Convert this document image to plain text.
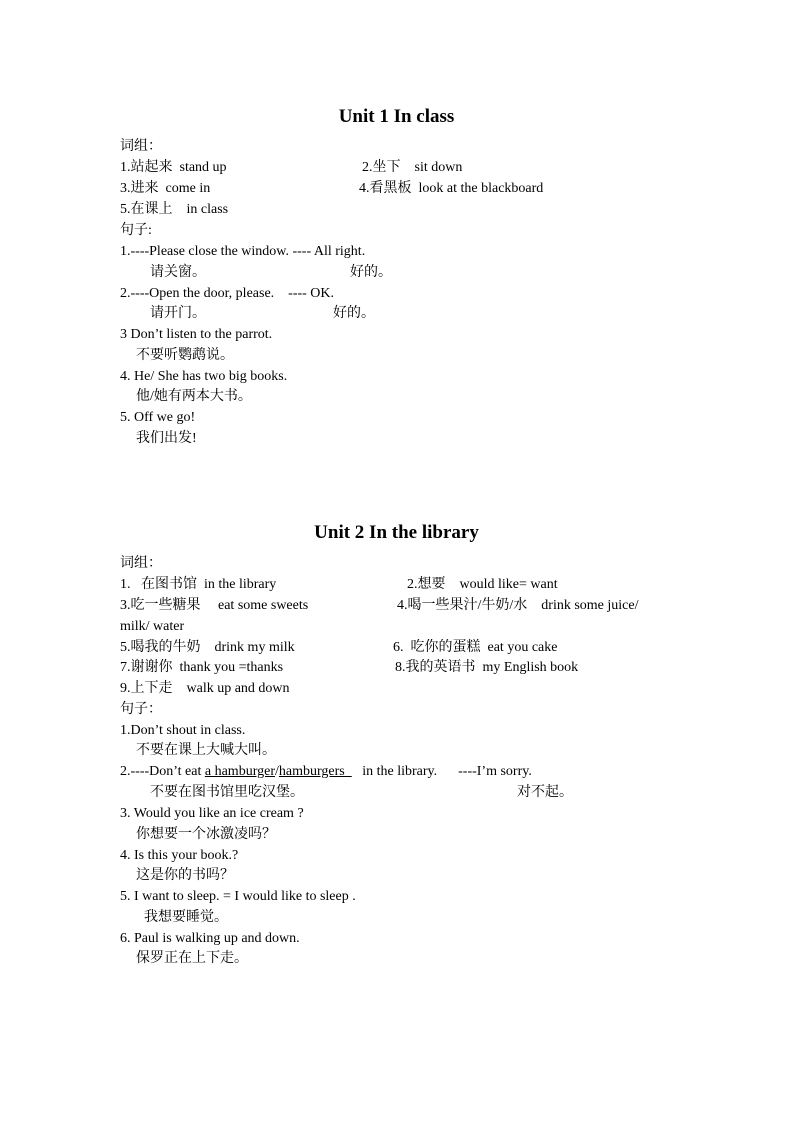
Unit 1 In class
词组：
1.站起来  stand up	2.坐下    sit down
3.进来  come in	4.看黑板  look at the blackboard
5.在课上    in class
句子:
1.----Please close the window. ---- All right.
请关窗。	好的。
2.----Open the door, please.    ---- OK.
请开门。	好的。
3 Don’t listen to the parrot.
不要听鹦鹉说。
4. He/ She has two big books.
他/她有两本大书。
5. Off we go!
我们出发!
Unit 2 In the library
词组：
1.   在图书馆  in the library	2.想要    would like= want
3.吃一些糖果     eat some sweets	4.喝一些果汁/牛奶/水    drink some juice/
milk/ water
5.喝我的牛奶    drink my milk	6.  吃你的蛋糕  eat you cake
7.谢谢你  thank you =thanks	8.我的英语书  my English book
9.上下走    walk up and down
句子：
1.Don’t shout in class.
不要在课上大喊大叫。
2.----Don’t eat a hamburger/hamburgers     in the library.      ----I’m sorry.
不要在图书馆里吃汉堡。	对不起。
3. Would you like an ice cream ?
你想要一个冰激凌吗？
4. Is this your book.?
这是你的书吗？
5. I want to sleep. = I would like to sleep .
我想要睡觉。
6. Paul is walking up and down.
保罗正在上下走。
